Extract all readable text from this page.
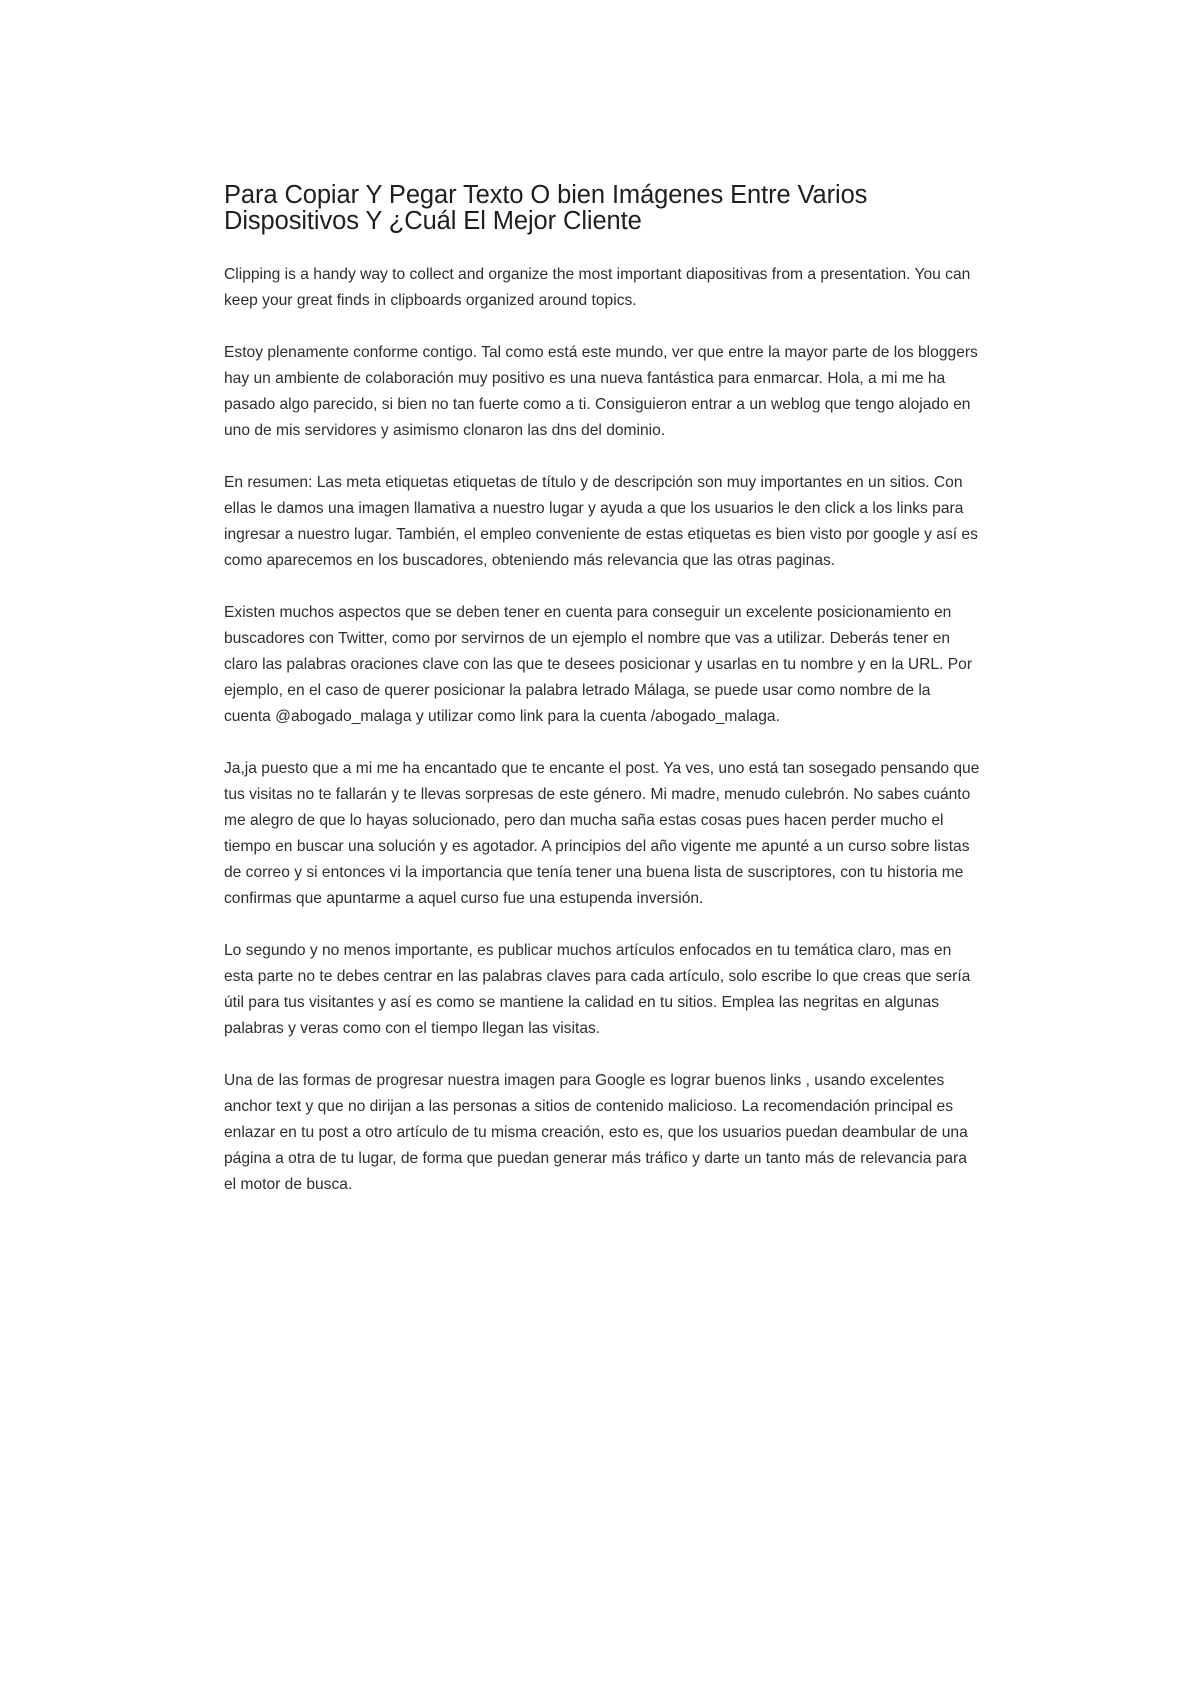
Para Copiar Y Pegar Texto O bien Imágenes Entre Varios Dispositivos Y ¿Cuál El Mejor Cliente

Clipping is a handy way to collect and organize the most important diapositivas from a presentation. You can keep your great finds in clipboards organized around topics.

Estoy plenamente conforme contigo. Tal como está este mundo, ver que entre la mayor parte de los bloggers hay un ambiente de colaboración muy positivo es una nueva fantástica para enmarcar. Hola, a mi me ha pasado algo parecido, si bien no tan fuerte como a ti. Consiguieron entrar a un weblog que tengo alojado en uno de mis servidores y asimismo clonaron las dns del dominio.

En resumen: Las meta etiquetas etiquetas de título y de descripción son muy importantes en un sitios. Con ellas le damos una imagen llamativa a nuestro lugar y ayuda a que los usuarios le den click a los links para ingresar a nuestro lugar. También, el empleo conveniente de estas etiquetas es bien visto por google y así es como aparecemos en los buscadores, obteniendo más relevancia que las otras paginas.

Existen muchos aspectos que se deben tener en cuenta para conseguir un excelente posicionamiento en buscadores con Twitter, como por servirnos de un ejemplo el nombre que vas a utilizar. Deberás tener en claro las palabras oraciones clave con las que te desees posicionar y usarlas en tu nombre y en la URL. Por ejemplo, en el caso de querer posicionar la palabra letrado Málaga, se puede usar como nombre de la cuenta @abogado_malaga y utilizar como link para la cuenta /abogado_malaga.

Ja,ja puesto que a mi me ha encantado que te encante el post. Ya ves, uno está tan sosegado pensando que tus visitas no te fallarán y te llevas sorpresas de este género. Mi madre, menudo culebrón. No sabes cuánto me alegro de que lo hayas solucionado, pero dan mucha saña estas cosas pues hacen perder mucho el tiempo en buscar una solución y es agotador. A principios del año vigente me apunté a un curso sobre listas de correo y si entonces vi la importancia que tenía tener una buena lista de suscriptores, con tu historia me confirmas que apuntarme a aquel curso fue una estupenda inversión.

Lo segundo y no menos importante, es publicar muchos artículos enfocados en tu temática claro, mas en esta parte no te debes centrar en las palabras claves para cada artículo, solo escribe lo que creas que sería útil para tus visitantes y así es como se mantiene la calidad en tu sitios. Emplea las negritas en algunas palabras y veras como con el tiempo llegan las visitas.

Una de las formas de progresar nuestra imagen para Google es lograr buenos links , usando excelentes anchor text y que no dirijan a las personas a sitios de contenido malicioso. La recomendación principal es enlazar en tu post a otro artículo de tu misma creación, esto es, que los usuarios puedan deambular de una página a otra de tu lugar, de forma que puedan generar más tráfico y darte un tanto más de relevancia para el motor de busca.
